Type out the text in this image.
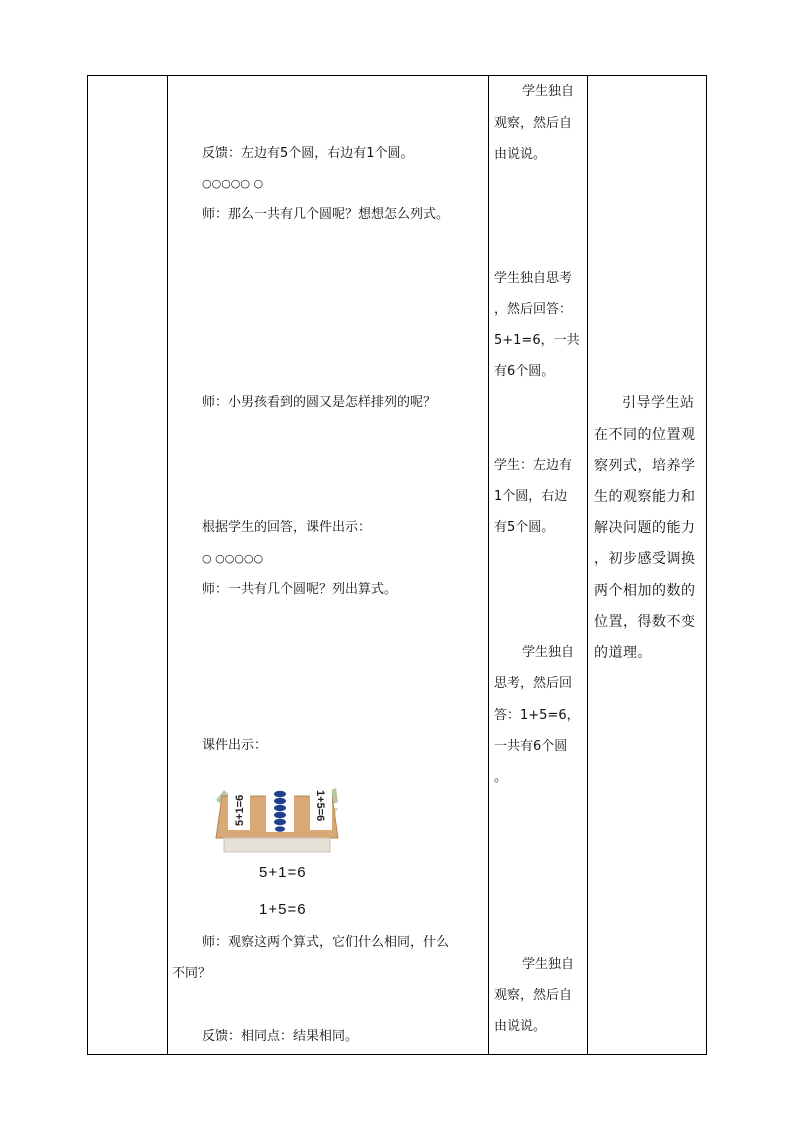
反馈：左边有5个圆，右边有1个圆。
○○○○○ ○
师：那么一共有几个圆呢？想想怎么列式。
师：小男孩看到的圆又是怎样排列的呢？
根据学生的回答，课件出示：
○ ○○○○○
师：一共有几个圆呢？列出算式。
课件出示：
5+1=6	1+5=6
5+1=6
1+5=6
师：观察这两个算式，它们什么相同，什么
不同？
反馈：相同点：结果相同。
学生独自
观察，然后自
由说说。
学生独自思考
，然后回答：
5+1=6，一共
有6个圆。
学生：左边有
1个圆，右边
有5个圆。
学生独自
思考，然后回
答：1+5=6，
一共有6个圆
。
学生独自
观察，然后自
由说说。
引导学生站
在不同的位置观
察列式，培养学
生的观察能力和
解决问题的能力
，初步感受调换
两个相加的数的
位置，得数不变
的道理。
